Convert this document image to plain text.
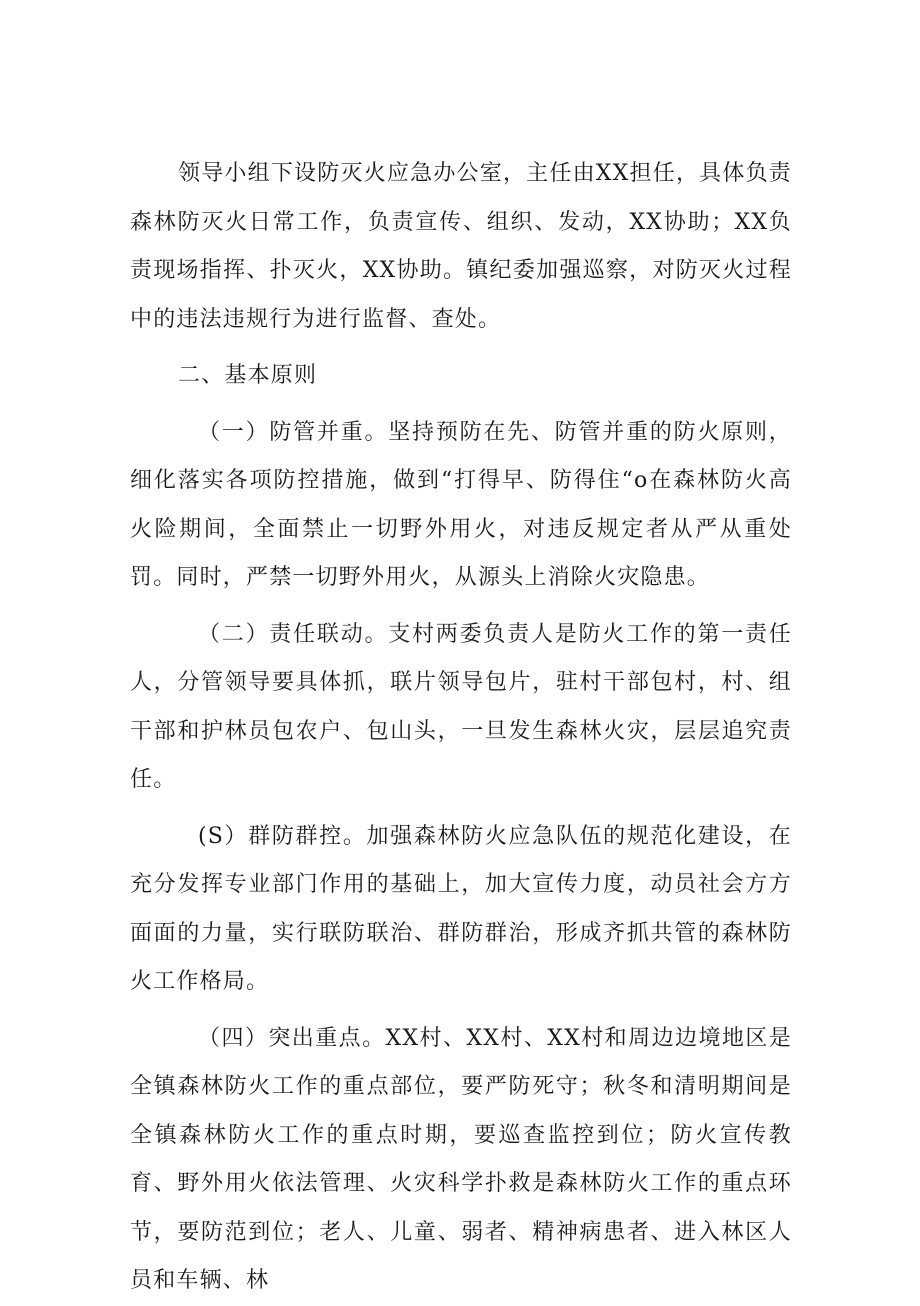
领导小组下设防灭火应急办公室，主任由XX担任，具体负责森林防灭火日常工作，负责宣传、组织、发动，XX协助；XX负责现场指挥、扑灭火，XX协助。镇纪委加强巡察，对防灭火过程中的违法违规行为进行监督、查处。

二、基本原则

（一）防管并重。坚持预防在先、防管并重的防火原则，细化落实各项防控措施，做到“打得早、防得住“o在森林防火高火险期间，全面禁止一切野外用火，对违反规定者从严从重处罚。同时，严禁一切野外用火，从源头上消除火灾隐患。

（二）责任联动。支村两委负责人是防火工作的第一责任人，分管领导要具体抓，联片领导包片，驻村干部包村，村、组干部和护林员包农户、包山头，一旦发生森林火灾，层层追究责任。

(S）群防群控。加强森林防火应急队伍的规范化建设，在充分发挥专业部门作用的基础上，加大宣传力度，动员社会方方面面的力量，实行联防联治、群防群治，形成齐抓共管的森林防火工作格局。

（四）突出重点。XX村、XX村、XX村和周边边境地区是全镇森林防火工作的重点部位，要严防死守；秋冬和清明期间是全镇森林防火工作的重点时期，要巡查监控到位；防火宣传教育、野外用火依法管理、火灾科学扑救是森林防火工作的重点环节，要防范到位；老人、儿童、弱者、精神病患者、进入林区人员和车辆、林
